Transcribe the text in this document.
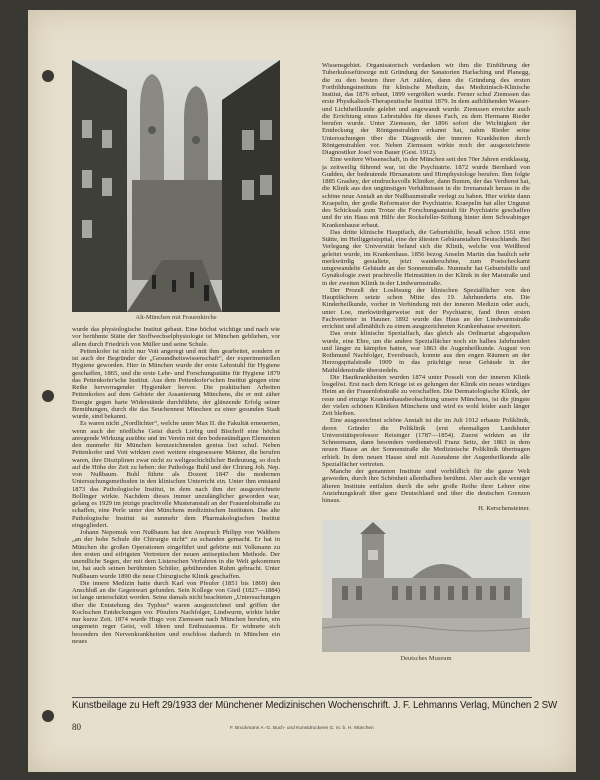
Alt-München mit Frauenkirche

wurde das physiologische Institut gebaut. Eine höchst wichtige und nach wie vor berühmte Stätte der Stoffwechselphysiologie ist München geblieben, vor allem durch Friedrich von Müller und seine Schule.

Pettenkofer ist nicht nur Voit angeregt und mit ihm gearbeitet, sondern er ist auch der Begründer der „Gesundheitswissenschaft“, der experimentellen Hygiene geworden. Hier in München wurde der erste Lehrstuhl für Hygiene geschaffen, 1865, und die erste Lehr- und Forschungsstätte für Hygiene 1879 das Pettenkofer'sche Institut. Aus dem Pettenkofer'schen Institut gingen eine Reihe hervorragender Hygieniker hervor. Die praktischen Arbeiten Pettenkofers auf dem Gebiete der Assanierung Münchens, die er mit zäher Energie gegen harte Widerstände durchführte, der glänzende Erfolg seiner Bemühungen, durch die das Seuchennest München zu einer gesunden Stadt wurde, sind bekannt.

Es waren nicht „Nordlichter“, welche unter Max II. die Fakultät erneuerten, wenn auch der nördliche Geist durch Liebig und Bischoff eine höchst anregende Wirkung ausübte und im Verein mit den bodenständigen Elementen den nunmehr für München kennzeichnenden genius loci schuf. Neben Pettenkofer und Voit wirkten zwei weitere eingesessene Männer, die berufen waren, ihre Disziplinen zwar nicht zu weltgeschichtlicher Bedeutung, so doch auf die Höhe der Zeit zu heben: der Pathologe Buhl und der Chirurg Joh. Nep. von Nußbaum. Buhl führte als Dozent 1847 die modernen Untersuchungsmethoden in den klinischen Unterricht ein. Unter ihm entstand 1873 das Pathologische Institut, in dem nach ihm der ausgezeichnete Bollinger wirkte. Nachdem dieses immer unzulänglicher geworden war, gelang es 1929 im jetzige prachtvolle Musteranstalt an der Frauenlobstraße zu schaffen, eine Perle unter den Münchens medizinischen Instituten. Das alte Pathologische Institut ist nunmehr dem Pharmakologischen Institut eingegliedert.

Johann Nepomuk von Nußbaum hat den Anspruch Philipp von Walthers „an der hohe Schule die Chirurgie nicht“ zu schanden gemacht. Er hat in München die großen Operationen eingeführt und gehörte mit Volkmann zu den ersten und eifrigsten Vertretern der neuen antiseptischen Methode. Der unendliche Segen, der mit dem Listerschen Verfahren in die Welt gekommen ist, hat auch seinen berühmten Schüler, gebührenden Ruhm gebracht. Unter Nußbaum wurde 1890 die neue Chirurgische Klinik geschaffen.

Die innere Medizin hatte durch Karl von Pfeufer (1851 bis 1869) den Anschluß an die Gegenwart gefunden. Sein Kollege von Gietl (1827—1884) ist lange unterschätzt worden. Seine damals nicht beachteten „Untersuchungen über die Entstehung des Typhus“ waren ausgezeichnet und griffen der Kochschen Entdeckungen vor. Pfeufers Nachfolger, Lindwurm, wirkte leider nur kurze Zeit. 1874 wurde Hugo von Ziemssen nach München berufen, ein ungemein reger Geist, voll Ideen und Enthusiasmus. Er widmete sich besonders den Nervenkrankheiten und erschloss dadurch in München ein neues

Wissensgebiet. Organisatorisch verdanken wir ihm die Einführung der Tuberkulosefürsorge mit Gründung der Sanatorien Harlaching und Planegg, die zu den besten ihrer Art zählen, dann die Gründung des ersten Fortbildungsinstituts für klinische Medizin, das Medizinisch-Klinische Institut, das 1876 erbaut, 1899 vergrößert wurde. Ferner schuf Ziemssen das erste Physikalisch-Therapeutische Institut 1879. In dem aufblühenden Wasser- und Lichtheilkunde gelehrt und angewandt wurde. Ziemssen erreichte auch die Errichtung eines Lehrstuhles für dieses Fach, zu dem Hermann Rieder berufen wurde. Unter Ziemssen, der 1896 sofort die Wichtigkeit der Entdeckung der Röntgenstrahlen erkannt hat, nahm Rieder seine Untersuchungen über die Diagnostik der inneren Krankheiten durch Röntgenstrahlen vor. Neben Ziemssen wirkte noch der ausgezeichnete Diagnostiker Josef von Bauer (Gest. 1912).

Eine weitere Wissenschaft, in der München seit den 70er Jahren erstklassig, ja zeitweilig führend war, ist die Psychiatrie. 1872 wurde Bernhard von Gudden, der bedeutende Hirnanatom und Hirnphysiologe berufen. Ihm folgte 1885 Grashey, der eindrucksvolle Kliniker, dann Bumm, der das Verdienst hat, die Klinik aus den ungünstigen Verhältnissen in die Irrenanstalt heraus in die schöne neue Anstalt an der Nußbaumstraße verlegt zu haben. Hier wirkte dann Kraepelin, der große Reformator der Psychiatrie. Kraepelin hat aller Ungunst des Schicksals zum Trotze die Forschungsanstalt für Psychiatrie geschaffen und ihr ein Haus mit Hilfe der Rockefeller-Stiftung hinter dem Schwabinger Krankenhause erbaut.

Das dritte klinische Hauptfach, die Geburtshilfe, besaß schon 1561 eine Stätte, im Heiliggeistspital, eine der ältesten Gebäranstalten Deutschlands. Bei Verlegung der Universität befand sich die Klinik, welche von Weißbrod geleitet wurde, im Krankenhaus. 1856 bezog Anselm Martin das baulich sehr merkwürdig gestaltete, jetzt wanderschöne, zum Postscheckamt umgewandelte Gebäude an der Sonnenstraße. Nunmehr hat Geburtshilfe und Gynäkologie zwei prachtvolle Heimstätten in der Klinik in der Maistraße und in der zweiten Klinik in der Lindwurmstraße.

Der Prozeß der Loslösung der klinischen Spezialfächer von den Hauptfächern setzte schon Mitte des 19. Jahrhunderts ein. Die Kinderheilkunde, vorher in Verbindung mit der inneren Medizin oder auch, unter Loe, merkwürdigerweise mit der Psychiatrie, fand ihren ersten Fachvertreter in Hauner. 1892 wurde das Haus an der Lindwurmstraße errichtet und allmählich zu einem ausgezeichneten Krankenhause erweitert.

Das erste klinische Spezialfach, das gleich als Ordinariat abgespalten wurde, eine Ehre, um die andere Spezialfächer noch ein halbes Jahrhundert und länger zu kämpfen hatten, war 1863 die Augenheilkunde. August von Rothmund Nachfolger, Eversbusch, konnte aus den engen Räumen an der Herzogspitalstraße 1909 in das prächtige neue Gebäude in der Mathildenstraße übersiedeln.

Die Hautkrankheiten wurden 1874 unter Posselt von der inneren Klinik losgelöst. Erst nach dem Kriege ist es gelungen der Klinik ein neues würdiges Heim an der Frauenlobstraße zu verschaffen. Die Dermatologische Klinik, der reste und einzige Krankenhausbeobachtung unsere Münchens, ist die jüngste der vielen schönen Kliniken Münchens und wird es wohl leider auch länger Zeit bleiben.

Eine ausgezeichnet schöne Anstalt ist die im Juli 1912 erbaute Poliklinik, deren Gründer die Poliklinik (erst ehemaligen Landshuter Universitätsprofessor Reisinger (1787—1854). Zuerst wirkten an ihr Schneemann, dann besonders verdienstvoll Franz Seitz, der 1863 in dem neuen Hause an der Sonnenstraße die Medizinische Poliklinik übertragen erhielt. In dem neuen Hause sind mit Ausnahme der Augenheilkunde alle Spezialfächer vertreten.

Manche der genannten Institute sind vorbildlich für die ganze Welt geworden, durch ihre Schönheit allenthalben berühmt. Aber auch die weniger älteren Institute entfalten durch die sehr große Reihe ihrer Lehrer eine Anziehungskraft über ganz Deutschland und über die deutschen Grenzen hinaus.

H. Kerschensteiner.

Deutsches Museum
Kunstbeilage zu Heft 29/1933 der Münchener Medizinischen Wochenschrift. J. F. Lehmanns Verlag, München 2 SW
80	F. Bruckmann A.-G. Buch- und Kunstdruckerei G. m. b. H. München
